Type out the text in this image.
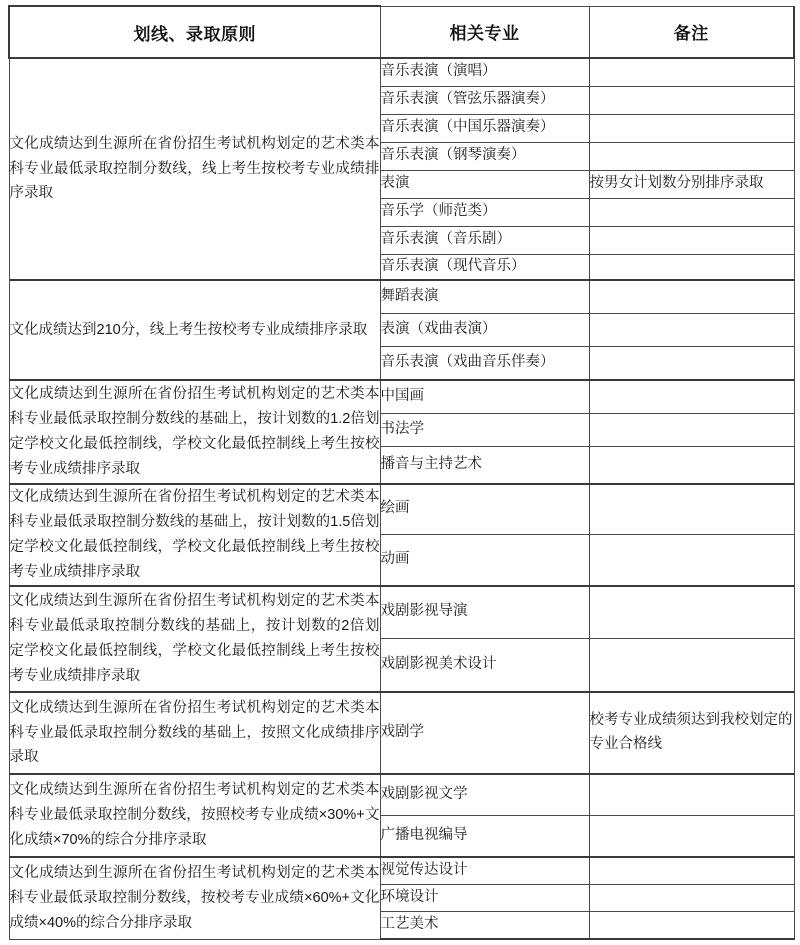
划线、录取原则	相关专业	备注

文化成绩达到生源所在省份招生考试机构划定的艺术类本科专业最低录取控制分数线，线上考生按校考专业成绩排序录取	音乐表演（演唱）	

	音乐表演（管弦乐器演奏）	

	音乐表演（中国乐器演奏）	

	音乐表演（钢琴演奏）	

	表演	按男女计划数分别排序录取

	音乐学（师范类）	

	音乐表演（音乐剧）	

	音乐表演（现代音乐）	

文化成绩达到210分，线上考生按校考专业成绩排序录取	舞蹈表演	

	表演（戏曲表演）	

	音乐表演（戏曲音乐伴奏）	

文化成绩达到生源所在省份招生考试机构划定的艺术类本科专业最低录取控制分数线的基础上，按计划数的1.2倍划定学校文化最低控制线，学校文化最低控制线上考生按校考专业成绩排序录取	中国画	

	书法学	

	播音与主持艺术	

文化成绩达到生源所在省份招生考试机构划定的艺术类本科专业最低录取控制分数线的基础上，按计划数的1.5倍划定学校文化最低控制线，学校文化最低控制线上考生按校考专业成绩排序录取	绘画	

	动画	

文化成绩达到生源所在省份招生考试机构划定的艺术类本科专业最低录取控制分数线的基础上，按计划数的2倍划定学校文化最低控制线，学校文化最低控制线上考生按校考专业成绩排序录取	戏剧影视导演	

	戏剧影视美术设计	

文化成绩达到生源所在省份招生考试机构划定的艺术类本科专业最低录取控制分数线的基础上，按照文化成绩排序录取	戏剧学	校考专业成绩须达到我校划定的专业合格线

文化成绩达到生源所在省份招生考试机构划定的艺术类本科专业最低录取控制分数线，按照校考专业成绩×30%+文化成绩×70%的综合分排序录取	戏剧影视文学	

	广播电视编导	

文化成绩达到生源所在省份招生考试机构划定的艺术类本科专业最低录取控制分数线，按校考专业成绩×60%+文化成绩×40%的综合分排序录取	视觉传达设计	

	环境设计	

	工艺美术	
